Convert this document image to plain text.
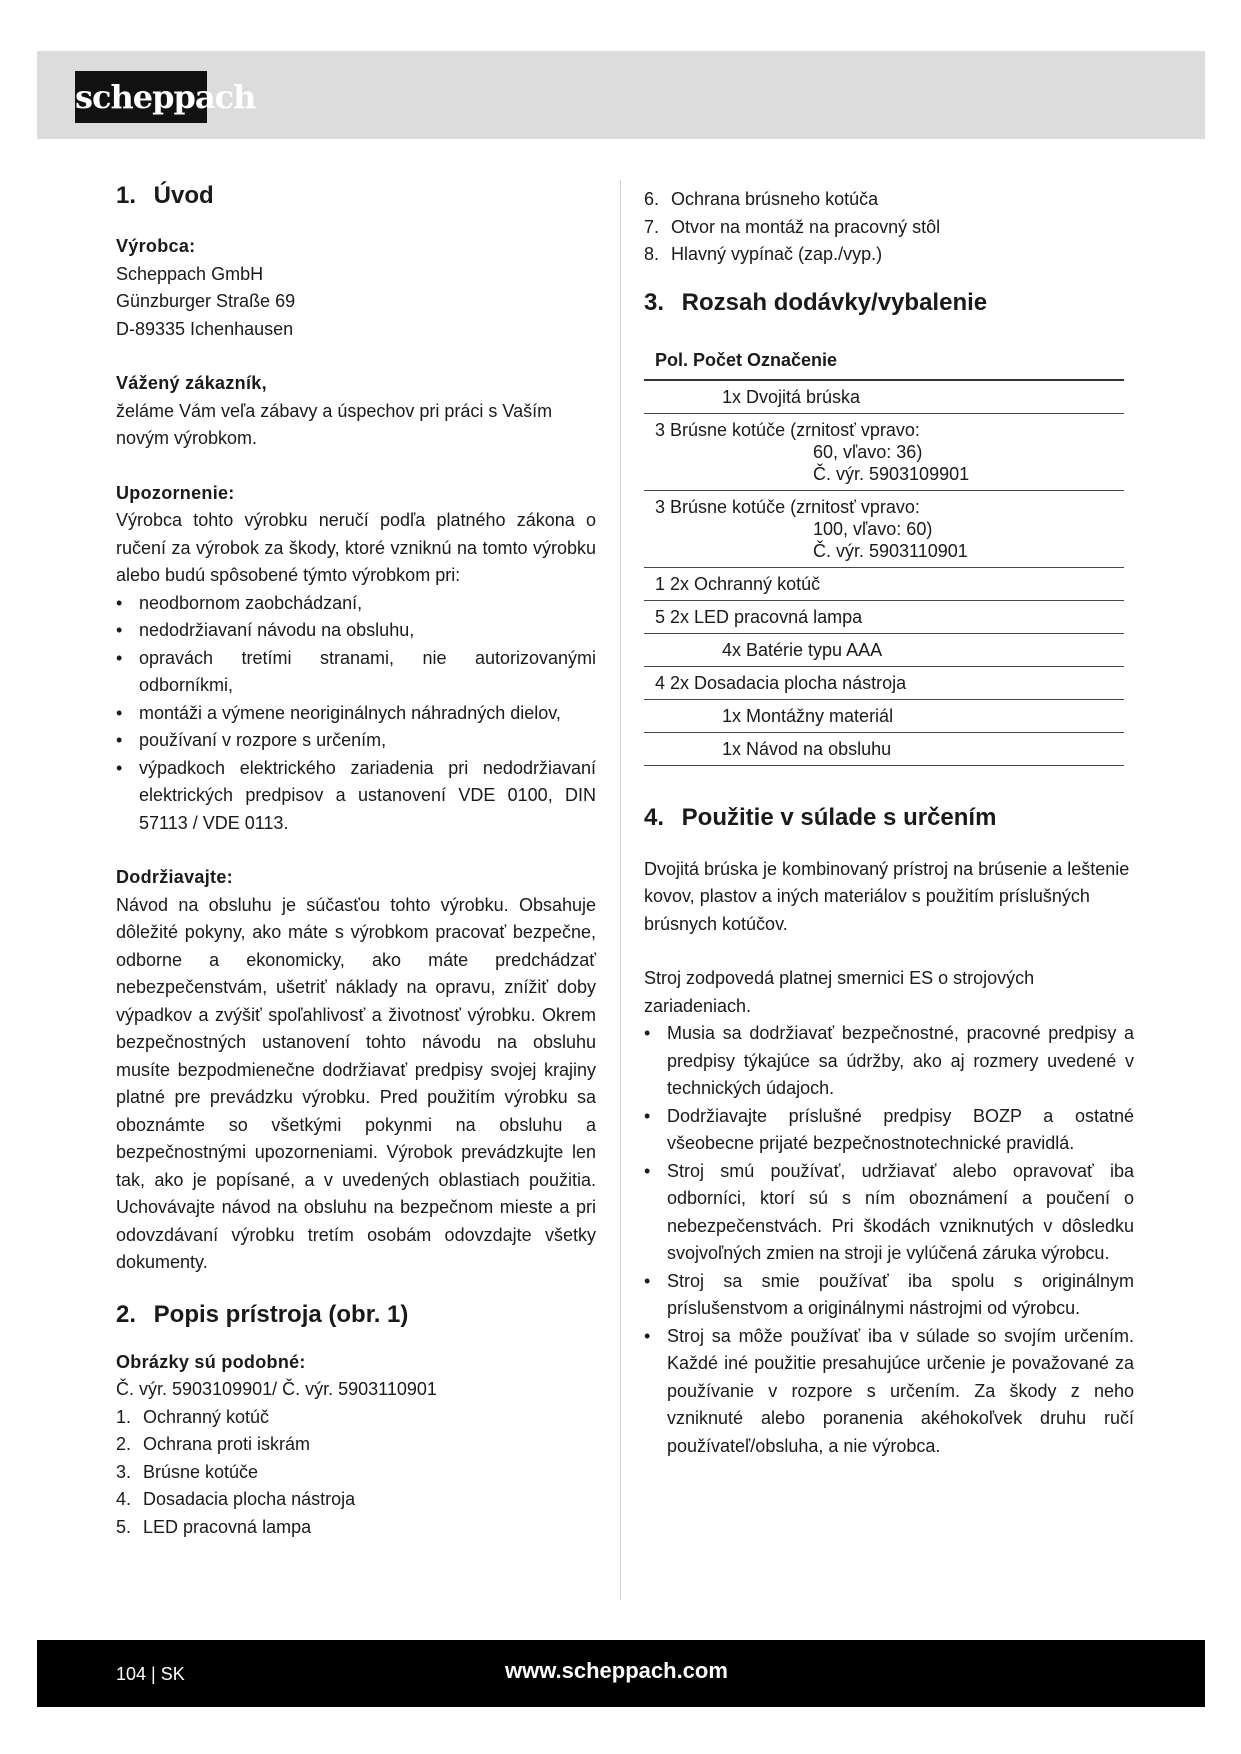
scheppach
1. Úvod

Výrobca:

Scheppach GmbH

Günzburger Straße 69

D-89335 Ichenhausen

Vážený zákazník,

želáme Vám veľa zábavy a úspechov pri práci s Vaším novým výrobkom.

Upozornenie:

Výrobca tohto výrobku neručí podľa platného zákona o ručení za výrobok za škody, ktoré vzniknú na tomto výrobku alebo budú spôsobené týmto výrobkom pri:

• neodbornom zaobchádzaní,

• nedodržiavaní návodu na obsluhu,

• opravách tretími stranami, nie autorizovanými odborníkmi,

• montáži a výmene neoriginálnych náhradných dielov,

• používaní v rozpore s určením,

• výpadkoch elektrického zariadenia pri nedodržiavaní elektrických predpisov a ustanovení VDE 0100, DIN 57113 / VDE 0113.

Dodržiavajte:

Návod na obsluhu je súčasťou tohto výrobku. Obsahuje dôležité pokyny, ako máte s výrobkom pracovať bezpečne, odborne a ekonomicky, ako máte predchádzať nebezpečenstvám, ušetriť náklady na opravu, znížiť doby výpadkov a zvýšiť spoľahlivosť a životnosť výrobku. Okrem bezpečnostných ustanovení tohto návodu na obsluhu musíte bezpodmienečne dodržiavať predpisy svojej krajiny platné pre prevádzku výrobku. Pred použitím výrobku sa oboznámte so všetkými pokynmi na obsluhu a bezpečnostnými upozorneniami. Výrobok prevádzkujte len tak, ako je popísané, a v uvedených oblastiach použitia. Uchovávajte návod na obsluhu na bezpečnom mieste a pri odovzdávaní výrobku tretím osobám odovzdajte všetky dokumenty.

2. Popis prístroja (obr. 1)

Obrázky sú podobné:

Č. výr. 5903109901/ Č. výr. 5903110901

1. Ochranný kotúč
2. Ochrana proti iskrám
3. Brúsne kotúče
4. Dosadacia plocha nástroja
5. LED pracovná lampa
6. Ochrana brúsneho kotúča
7. Otvor na montáž na pracovný stôl
8. Hlavný vypínač (zap./vyp.)
3. Rozsah dodávky/vybalenie
Pol. Počet Označenie
1x Dvojitá brúska
3 Brúsne kotúče (zrnitosť vpravo:
60, vľavo: 36)
Č. výr. 5903109901
3 Brúsne kotúče (zrnitosť vpravo:
100, vľavo: 60)
Č. výr. 5903110901
1 2x Ochranný kotúč
5 2x LED pracovná lampa
4x Batérie typu AAA
4 2x Dosadacia plocha nástroja
1x Montážny materiál
1x Návod na obsluhu
4. Použitie v súlade s určením

Dvojitá brúska je kombinovaný prístroj na brúsenie a leštenie kovov, plastov a iných materiálov s použitím príslušných brúsnych kotúčov.

Stroj zodpovedá platnej smernici ES o strojových zariadeniach.

• Musia sa dodržiavať bezpečnostné, pracovné predpisy a predpisy týkajúce sa údržby, ako aj rozmery uvedené v technických údajoch.

• Dodržiavajte príslušné predpisy BOZP a ostatné všeobecne prijaté bezpečnostnotechnické pravidlá.

• Stroj smú používať, udržiavať alebo opravovať iba odborníci, ktorí sú s ním oboznámení a poučení o nebezpečenstvách. Pri škodách vzniknutých v dôsledku svojvoľných zmien na stroji je vylúčená záruka výrobcu.

• Stroj sa smie používať iba spolu s originálnym príslušenstvom a originálnymi nástrojmi od výrobcu.

• Stroj sa môže používať iba v súlade so svojím určením. Každé iné použitie presahujúce určenie je považované za používanie v rozpore s určením. Za škody z neho vzniknuté alebo poranenia akéhokoľvek druhu ručí používateľ/obsluha, a nie výrobca.

104 | SK	www.scheppach.com
